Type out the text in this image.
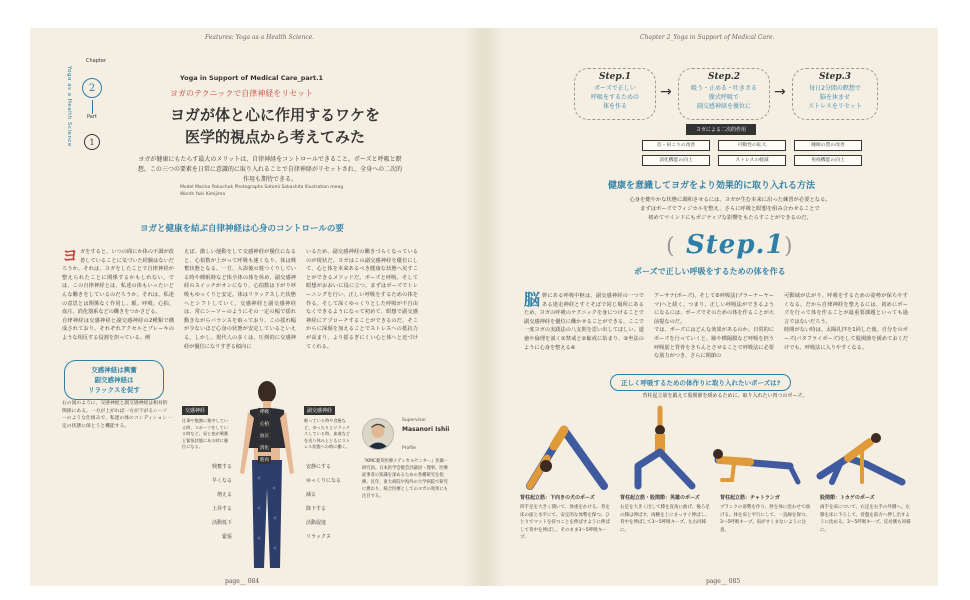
Features: Yoga as a Health Science.	Chapter 2_Yoga in Support of Medical Care.
Chapter
Yoga as a Health Science	2
Part
1
Yoga in Support of Medical Care_part.1
ヨガのテクニックで自律神経をリセット
ヨガが体と心に作用するワケを
医学的視点から考えてみた
ヨガが健康にもたらす最大のメリットは、自律神経をコントロールできること。ポーズと呼吸と瞑想。この三つの要素を日常に意識的に取り入れることで自律神経がリセットされ、全身への二次的作用も期待できる。
Model Marina Pokuchuk Photographs Satomi Sakashita Illustration meeg Words Yuki Kimijima
ヨガと健康を結ぶ自律神経は心身のコントロールの要
ヨガをすると、いつの間にか体の不調が改善していることに気づいた経験はないだろうか。それは、ヨガをしたことで自律神経が整えられたことに関係するかもしれない。では、この自律神経とは、私達の体もいったいどんな働きをしているのだろうか。それは、私達の意思とは関係なく作用し、脈、呼吸、心拍、血圧、消化器系などの働きをつかさどる。
自律神経は交感神経と副交感神経の2種類で構成されており、それぞれアクセルとブレーキのような相反する役割を担っている。例
えば、激しい運動をして交感神経が優位になると、心拍数が上がって呼吸も速くなり、体は興奮状態となる。一方、入浴後の寝つくりしている時や睡眠時など体全体の体を休め、副交感神経のスイッチがオンになり、心拍数は下がり呼吸もゆっくりと安定。体はリラックスした状態へとシフトしていく。交感神経と副交感神経は、常にシーソーのようにその一定の幅で揺れ動きながらバランスを取っており、この揺れ幅が少ないほど心身の状態が安定しているといえる。しかし、現代人の多くは、圧倒的に交感神経が優位になりすぎる傾向に
いるため、副交感神経の働きづらくなっているのが現状だ。ヨガはこの副交感神経を優位にして、心と体を本来あるべき健康な状態へ戻すことができるメソッドだ。ポーズと呼吸、そして瞑想がおおいに役に立つ。まずはポーズでトレーニングを行い、正しい呼吸をするための体を作る。そして深くゆっくりとした呼吸が不自由なくできるようになって初めて、瞑想で副交感神経にアプローチすることができるのだ。そこからに深堀を加えることでストレスへの抵抗力が高まり、より揺るぎにくい心と体へと近づけてくれる。
交感神経は興奮
副交感神経は
リラックスを促す
右の図のように、交感神経と副交感神経は相対的関係にある。一方が上がれば一方が下がるシーソーのような仕組みで、私達の体のコンディション一定の状態に保とうと機能する。
交感神経
仕事や勉強に集中している時、スポーツをしている時など、昼と夜が興奮と緊張状態にある時に優位になる。
興奮する
早くなる
増える
上昇する
活動低下
緊張
呼吸
心拍
血圧
消化
筋肉
副交感神経
眠っている時や食後など、ゆったりとリラックスしている時。血液などを送り休みとともにストレス状態への時に働く。
安静にする
ゆっくりになる
減る
降下する
活動促進
リラックス
Supervisor
Masanori Ishii
Profile
『KMC薬草医療メディカルセンター』医師・研究員。日本医学会総会評議員・理事。医療従事者の知識を深めるための各種研究を指揮。長年、東大病院や海外の大学病院で研究に携わり、統合医療としてのヨガの効果にも注目する。
page__ 084
Step.1
ポーズで正しい
呼吸をするための
体を作る
→
Step.2
吸う・止める・吐きさる
腹式呼吸で
副交感神経を優位に
→
Step.3
毎日2分間の瞑想で
脳を休ませ
ストレスをリセット
ヨガによる二次的作用
首・肩こりの改善	可動性の拡大	睡眠の質の改善
消化機能の向上	ストレスの軽減	免疫機能の向上
健康を意識してヨガをより効果的に取り入れる方法
心身を健やかな状態に調和させるには、ヨガが生む本来に沿った練習が必要となる。
まずはポーズでフィジカルを整え、さらに呼吸と瞑想を組み合わせることで
初めてマインドにもポジティブな影響をもたらすことができるのだ。
( Step.1 )
ポーズで正しい呼吸をするための体を作る
脳幹にある呼吸中枢は、副交感神経の一つである迷走神経とすぐそばで同じ場所にあるため、ヨガの呼吸のテクニックを身につけることで副交感神経を優位に働かせることができる。ここで一度ヨガの実践法の八支則を思い出してほしい。道徳や倫理を説く①禁戒と②勧戒に始まり、③坐法のように心身を整える④
アーサナ(ポーズ)、そして⑤呼吸法(プラーナーヤーマ)へと続く。つまり、正しい呼吸法ができるようになるには、ポーズでそのための体を作ることが大前提なのだ。
では、ポーズにはどんな効果があるのか。日常的にポーズを行っていくと、肺や横隔膜など呼吸を担う呼吸筋と背骨をきちんとさせることで呼吸法に必要な筋力がつき、さらに関節の
可動域が広がり、呼吸をするための姿勢が保ちやすくなる。だから自律神経を整えるには、初めにポーズを行って体を作ることが最重要課題といっても過言ではないだろう。
時間がない時は、太陽礼拝を1回した後、自分をのポーズ(バタフライポーズ)をして股関節を緩めておくだけでも、呼吸法に入りやすくなる。
正しく呼吸するための体作りに取り入れたいポーズは?
背柱起立筋を鍛えて股関節を緩めるために、取り入れたい四つのポーズ。
背柱起立筋：下向きの犬のポーズ
四手足を大きく開いて、体重をかける。背を床の面と水平にて、安定的な体勢を保つ。ひとりでマットを持つことを伸ばすように伸ばして背中を伸ばし、そのまま3〜5呼吸キープ。
背柱起立筋・股関節：英雄のポーズ
右足を大きく出して膝を直角に曲げ、後ろ足の膝は伸ばす。両腕を上にまっすぐ伸ばし、背中を伸ばして3〜5呼吸キープ。左右同様に。
背柱起立筋：チャトランガ
プランクの姿勢を作り、肘を体に沿わせて曲げる。体を床と平行にして、一直線を保つ。3〜5呼吸キープ。肩がすくまないように注意。
股関節：トカゲのポーズ
両手を床について、右足を右手の外側へ。左膝を床に下ろして、骨盤を前方へ押し出すように沈める。3〜5呼吸キープ。反対側も同様に。
page__ 085
